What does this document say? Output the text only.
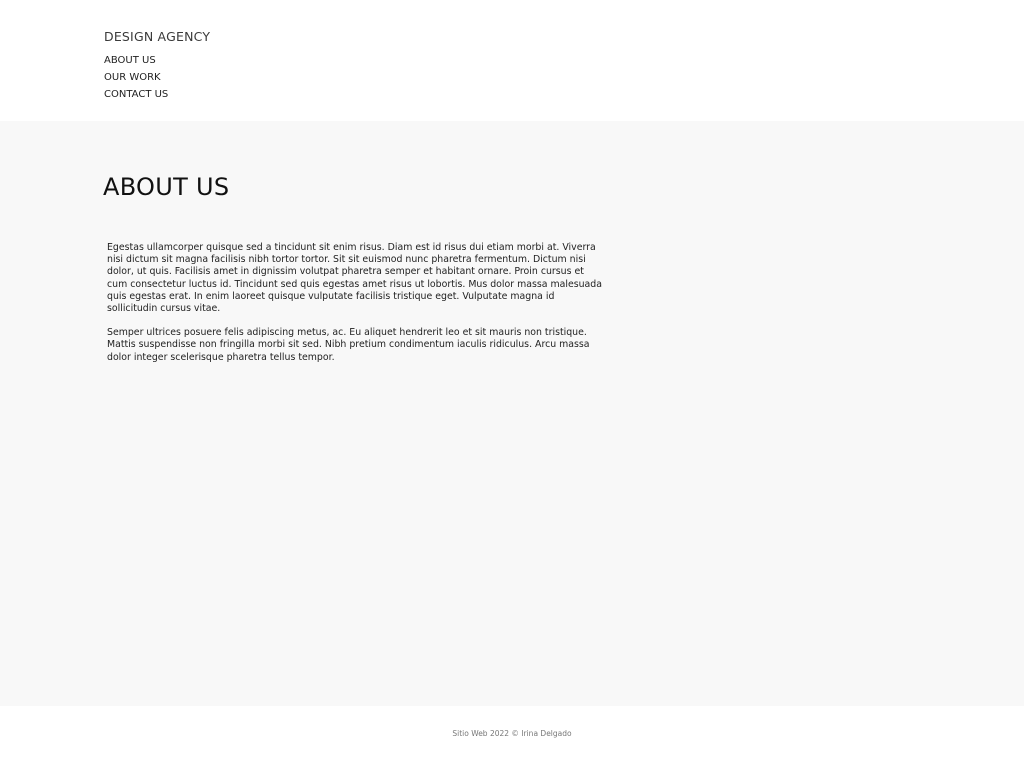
DESIGN AGENCY
ABOUT US
OUR WORK
CONTACT US
ABOUT US

Egestas ullamcorper quisque sed a tincidunt sit enim risus. Diam est id risus dui etiam morbi at. Viverra nisi dictum sit magna facilisis nibh tortor tortor. Sit sit euismod nunc pharetra fermentum. Dictum nisi dolor, ut quis. Facilisis amet in dignissim volutpat pharetra semper et habitant ornare. Proin cursus et cum consectetur luctus id. Tincidunt sed quis egestas amet risus ut lobortis. Mus dolor massa malesuada quis egestas erat. In enim laoreet quisque vulputate facilisis tristique eget. Vulputate magna id sollicitudin cursus vitae.

Semper ultrices posuere felis adipiscing metus, ac. Eu aliquet hendrerit leo et sit mauris non tristique. Mattis suspendisse non fringilla morbi sit sed. Nibh pretium condimentum iaculis ridiculus. Arcu massa dolor integer scelerisque pharetra tellus tempor.

Sitio Web 2022 © Irina Delgado
